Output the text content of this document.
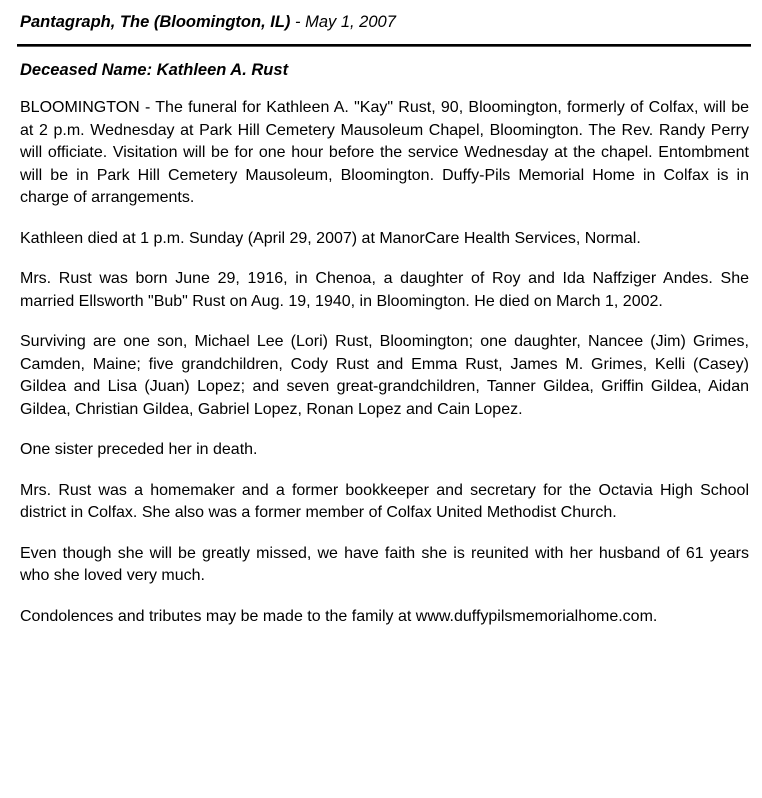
Pantagraph, The (Bloomington, IL) - May 1, 2007
Deceased Name: Kathleen A. Rust

BLOOMINGTON - The funeral for Kathleen A. "Kay" Rust, 90, Bloomington, formerly of Colfax, will be at 2 p.m. Wednesday at Park Hill Cemetery Mausoleum Chapel, Bloomington. The Rev. Randy Perry will officiate. Visitation will be for one hour before the service Wednesday at the chapel. Entombment will be in Park Hill Cemetery Mausoleum, Bloomington. Duffy-Pils Memorial Home in Colfax is in charge of arrangements.

Kathleen died at 1 p.m. Sunday (April 29, 2007) at ManorCare Health Services, Normal.

Mrs. Rust was born June 29, 1916, in Chenoa, a daughter of Roy and Ida Naffziger Andes. She married Ellsworth "Bub" Rust on Aug. 19, 1940, in Bloomington. He died on March 1, 2002.

Surviving are one son, Michael Lee (Lori) Rust, Bloomington; one daughter, Nancee (Jim) Grimes, Camden, Maine; five grandchildren, Cody Rust and Emma Rust, James M. Grimes, Kelli (Casey) Gildea and Lisa (Juan) Lopez; and seven great-grandchildren, Tanner Gildea, Griffin Gildea, Aidan Gildea, Christian Gildea, Gabriel Lopez, Ronan Lopez and Cain Lopez.

One sister preceded her in death.

Mrs. Rust was a homemaker and a former bookkeeper and secretary for the Octavia High School district in Colfax. She also was a former member of Colfax United Methodist Church.

Even though she will be greatly missed, we have faith she is reunited with her husband of 61 years who she loved very much.

Condolences and tributes may be made to the family at www.duffypilsmemorialhome.com.
